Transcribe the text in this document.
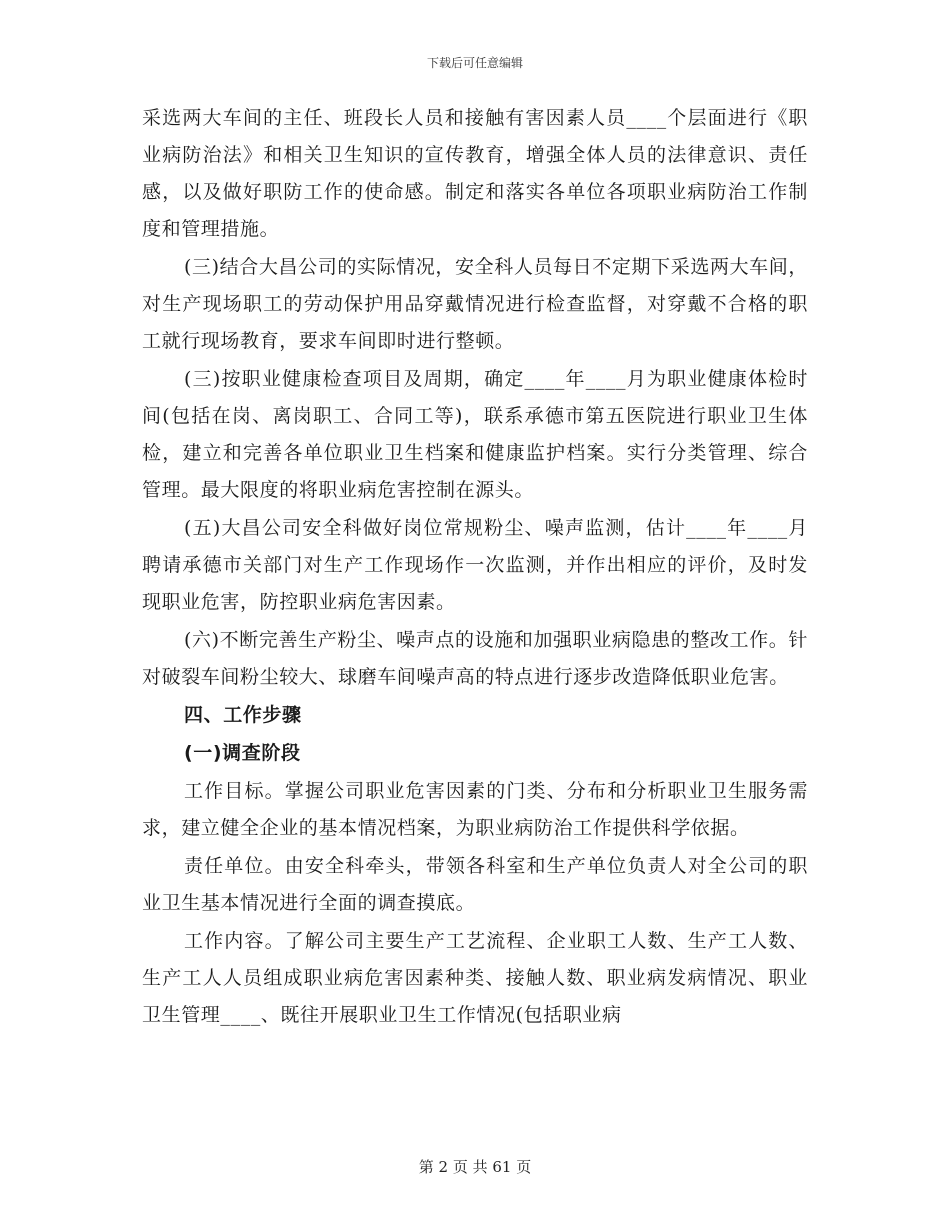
下载后可任意编辑

采选两大车间的主任、班段长人员和接触有害因素人员____个层面进行《职业病防治法》和相关卫生知识的宣传教育，增强全体人员的法律意识、责任感，以及做好职防工作的使命感。制定和落实各单位各项职业病防治工作制度和管理措施。

(三)结合大昌公司的实际情况，安全科人员每日不定期下采选两大车间，对生产现场职工的劳动保护用品穿戴情况进行检查监督，对穿戴不合格的职工就行现场教育，要求车间即时进行整顿。

(三)按职业健康检查项目及周期，确定____年____月为职业健康体检时间(包括在岗、离岗职工、合同工等)，联系承德市第五医院进行职业卫生体检，建立和完善各单位职业卫生档案和健康监护档案。实行分类管理、综合管理。最大限度的将职业病危害控制在源头。

(五)大昌公司安全科做好岗位常规粉尘、噪声监测，估计____年____月聘请承德市关部门对生产工作现场作一次监测，并作出相应的评价，及时发现职业危害，防控职业病危害因素。

(六)不断完善生产粉尘、噪声点的设施和加强职业病隐患的整改工作。针对破裂车间粉尘较大、球磨车间噪声高的特点进行逐步改造降低职业危害。

四、工作步骤

(一)调查阶段

工作目标。掌握公司职业危害因素的门类、分布和分析职业卫生服务需求，建立健全企业的基本情况档案，为职业病防治工作提供科学依据。

责任单位。由安全科牵头，带领各科室和生产单位负责人对全公司的职业卫生基本情况进行全面的调查摸底。

工作内容。了解公司主要生产工艺流程、企业职工人数、生产工人数、生产工人人员组成职业病危害因素种类、接触人数、职业病发病情况、职业卫生管理____、既往开展职业卫生工作情况(包括职业病

第 2 页 共 61 页
